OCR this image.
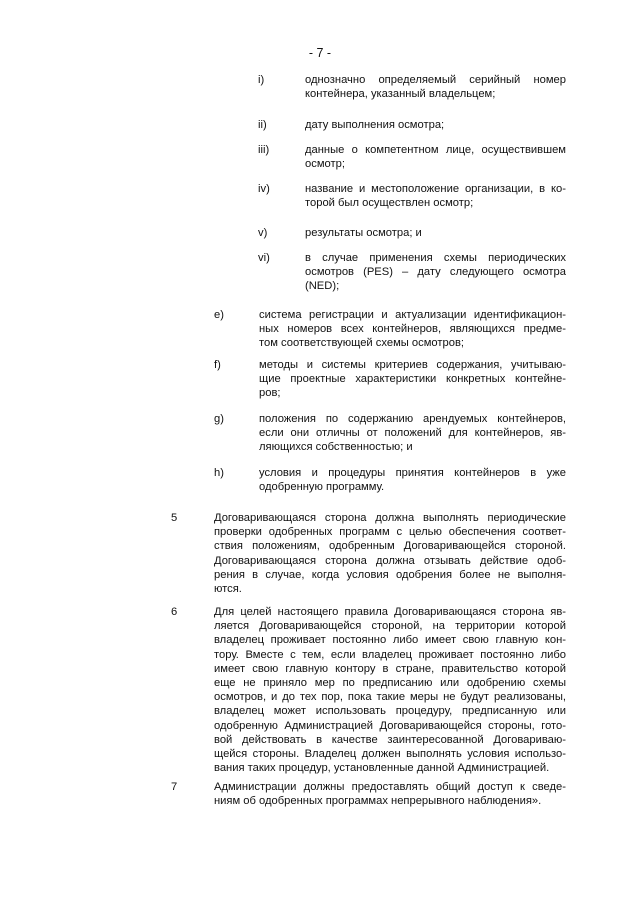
- 7 -
i)	однозначно определяемый серийный номер
контейнера, указанный владельцем;
ii)	дату выполнения осмотра;
iii)	данные о компетентном лице, осуществившем
осмотр;
iv)	название и местоположение организации, в ко-
торой был осуществлен осмотр;
v)	результаты осмотра; и
vi)	в случае применения схемы периодических
осмотров (PES) – дату следующего осмотра
(NED);
e)	система регистрации и актуализации идентификацион-
ных номеров всех контейнеров, являющихся предме-
том соответствующей схемы осмотров;
f)	методы и системы критериев содержания, учитываю-
щие проектные характеристики конкретных контейне-
ров;
g)	положения по содержанию арендуемых контейнеров,
если они отличны от положений для контейнеров, яв-
ляющихся собственностью; и
h)	условия и процедуры принятия контейнеров в уже
одобренную программу.
5	Договаривающаяся сторона должна выполнять периодические
проверки одобренных программ с целью обеспечения соответ-
ствия положениям, одобренным Договаривающейся стороной.
Договаривающаяся сторона должна отзывать действие одоб-
рения в случае, когда условия одобрения более не выполня-
ются.
6	Для целей настоящего правила Договаривающаяся сторона яв-
ляется Договаривающейся стороной, на территории которой
владелец проживает постоянно либо имеет свою главную кон-
тору. Вместе с тем, если владелец проживает постоянно либо
имеет свою главную контору в стране, правительство которой
еще не приняло мер по предписанию или одобрению схемы
осмотров, и до тех пор, пока такие меры не будут реализованы,
владелец может использовать процедуру, предписанную или
одобренную Администрацией Договаривающейся стороны, гото-
вой действовать в качестве заинтересованной Договариваю-
щейся стороны. Владелец должен выполнять условия использо-
вания таких процедур, установленные данной Администрацией.
7	Администрации должны предоставлять общий доступ к сведе-
ниям об одобренных программах непрерывного наблюдения».
